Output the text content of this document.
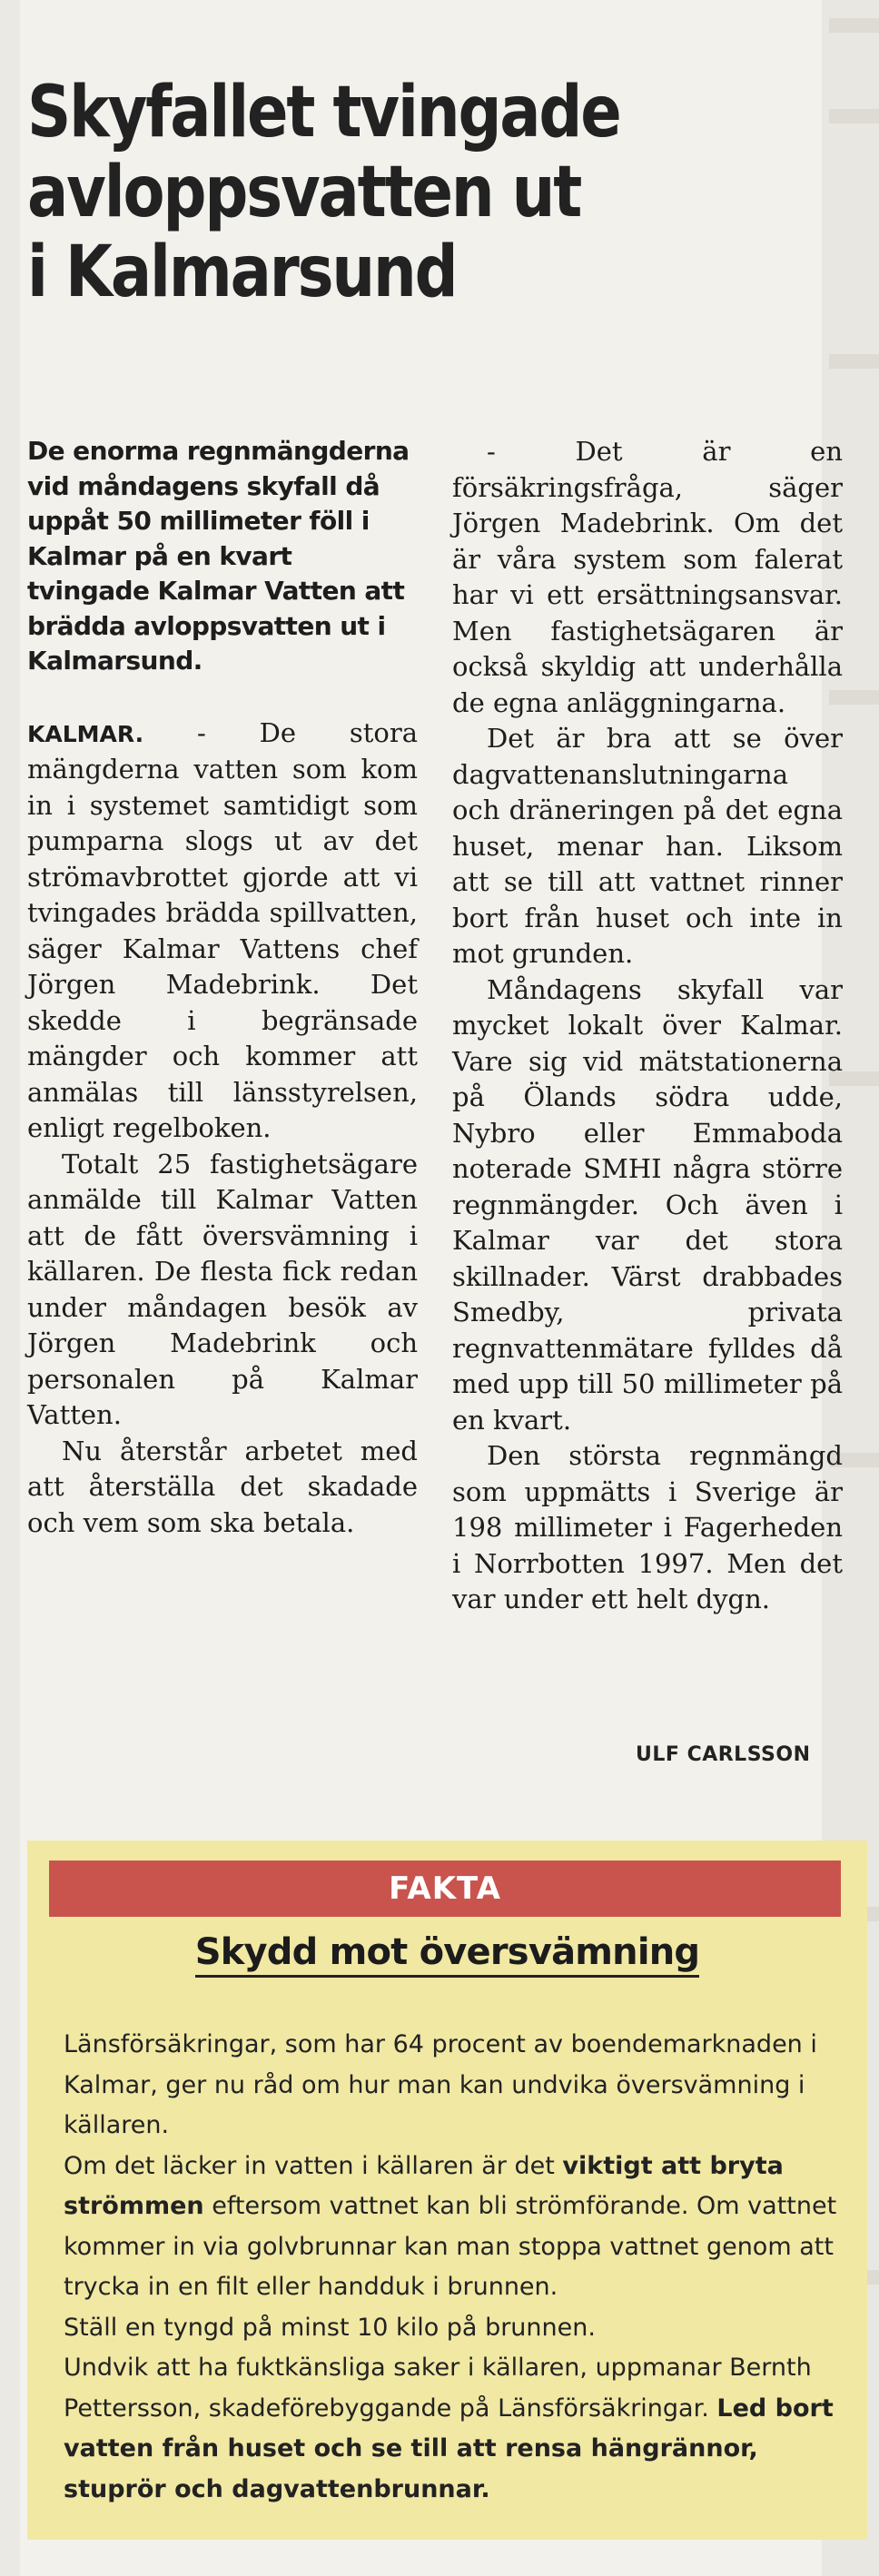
Skyfallet tvingade
avloppsvatten ut
i Kalmarsund

De enorma regnmängderna vid måndagens skyfall då uppåt 50 millimeter föll i Kalmar på en kvart tvingade Kalmar Vatten att brädda avloppsvatten ut i Kalmarsund.

KALMAR. - De stora mängderna vatten som kom in i systemet samtidigt som pumparna slogs ut av det strömavbrottet gjorde att vi tvingades brädda spillvatten, säger Kalmar Vattens chef Jörgen Madebrink. Det skedde i begränsade mängder och kommer att anmälas till länsstyrelsen, enligt regelboken.

Totalt 25 fastighetsägare anmälde till Kalmar Vatten att de fått översvämning i källaren. De flesta fick redan under måndagen besök av Jörgen Madebrink och personalen på Kalmar Vatten.

Nu återstår arbetet med att återställa det skadade och vem som ska betala.

- Det är en försäkringsfråga, säger Jörgen Madebrink. Om det är våra system som falerat har vi ett ersättningsansvar. Men fastighetsägaren är också skyldig att underhålla de egna anläggningarna.

Det är bra att se över dagvattenanslutningarna och dräneringen på det egna huset, menar han. Liksom att se till att vattnet rinner bort från huset och inte in mot grunden.

Måndagens skyfall var mycket lokalt över Kalmar. Vare sig vid mätstationerna på Ölands södra udde, Nybro eller Emmaboda noterade SMHI några större regnmängder. Och även i Kalmar var det stora skillnader. Värst drabbades Smedby, privata regnvattenmätare fylldes då med upp till 50 millimeter på en kvart.

Den största regnmängd som uppmätts i Sverige är 198 millimeter i Fagerheden i Norrbotten 1997. Men det var under ett helt dygn.

ULF CARLSSON
FAKTA
Skydd mot översvämning

Länsförsäkringar, som har 64 procent av boendemarknaden i Kalmar, ger nu råd om hur man kan undvika översvämning i källaren.

Om det läcker in vatten i källaren är det viktigt att bryta strömmen eftersom vattnet kan bli strömförande. Om vattnet kommer in via golvbrunnar kan man stoppa vattnet genom att trycka in en filt eller handduk i brunnen.

Ställ en tyngd på minst 10 kilo på brunnen.

Undvik att ha fuktkänsliga saker i källaren, uppmanar Bernth Pettersson, skadeförebyggande på Länsförsäkringar. Led bort vatten från huset och se till att rensa hängrännor, stuprör och dagvattenbrunnar.
